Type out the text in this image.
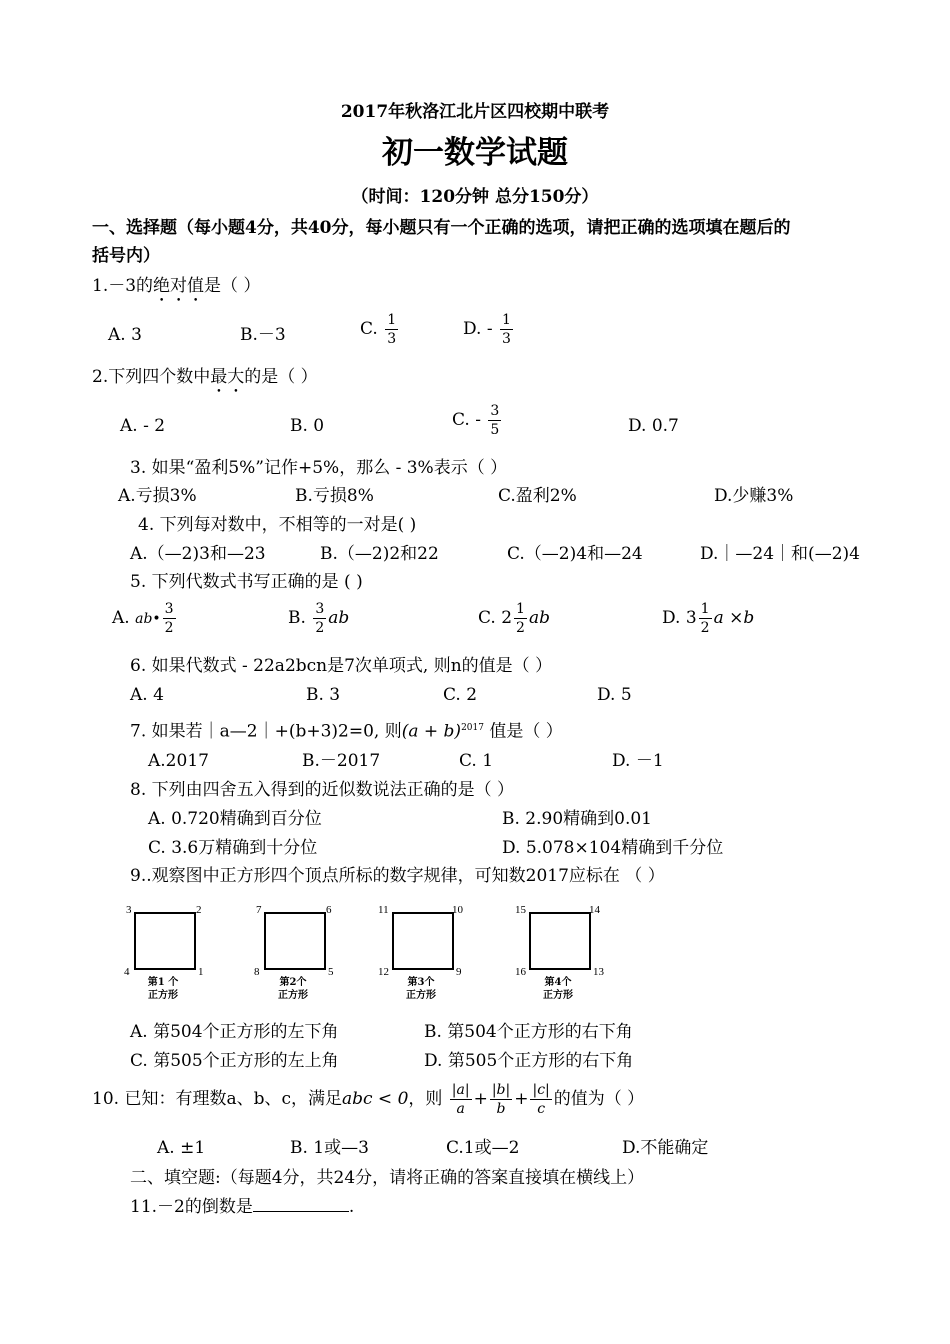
2017年秋洛江北片区四校期中联考
初一数学试题
（时间：120分钟 总分150分）
一、选择题（每小题4分，共40分，每小题只有一个正确的选项，请把正确的选项填在题后的
括号内）
1.－3的绝对值是（ ）
A. 3	B.－3	C. $\frac{1}{3}$	D. - $\frac{1}{3}$
2.下列四个数中最大的是（ ）
A. - 2	B. 0	C. - $\frac{3}{5}$	D. 0.7
3. 如果“盈利5%”记作+5%，那么 - 3%表示（ ）
A.亏损3%	B.亏损8%	C.盈利2%	D.少赚3%
4. 下列每对数中，不相等的一对是( )
A.（—2)3和—23	B.（—2)2和22	C.（—2)4和—24	D.｜—24｜和(—2)4
5. 下列代数式书写正确的是 ( )
A. ab• $\frac{3}{2}$	B. $\frac{3}{2}$ ab	C. $2 \frac{1}{2}$ ab	D. $3 \frac{1}{2}$ a ×b
6. 如果代数式 - 22a2bcn是7次单项式, 则n的值是（ ）
A. 4	B. 3	C. 2	D. 5
7. 如果若｜a—2｜+(b+3)2=0, 则$(a + b)^{2017}$ 值是（ ）
A.2017	B.－2017	C. 1	D. －1
8. 下列由四舍五入得到的近似数说法正确的是（ ）
A. 0.720精确到百分位	B. 2.90精确到0.01
C. 3.6万精确到十分位	D. 5.078×104精确到千分位
9..观察图中正方形四个顶点所标的数字规律，可知数2017应标在 （ ）
3	2
4	1
第1 个
正方形
7	6
8	5
第2个
正方形
11	10
12	9
第3个
正方形
15	14
16	13
第4个
正方形
A. 第504个正方形的左下角	B. 第504个正方形的右下角
C. 第505个正方形的左上角	D. 第505个正方形的右下角
10. 已知：有理数a、b、c，满足abc < 0，则 $\frac{|a|}{a} + \frac{|b|}{b} + \frac{|c|}{c}$ 的值为（ ）
A. ±1	B. 1或—3	C.1或—2	D.不能确定
二、填空题:（每题4分，共24分，请将正确的答案直接填在横线上）
11.－2的倒数是	.
